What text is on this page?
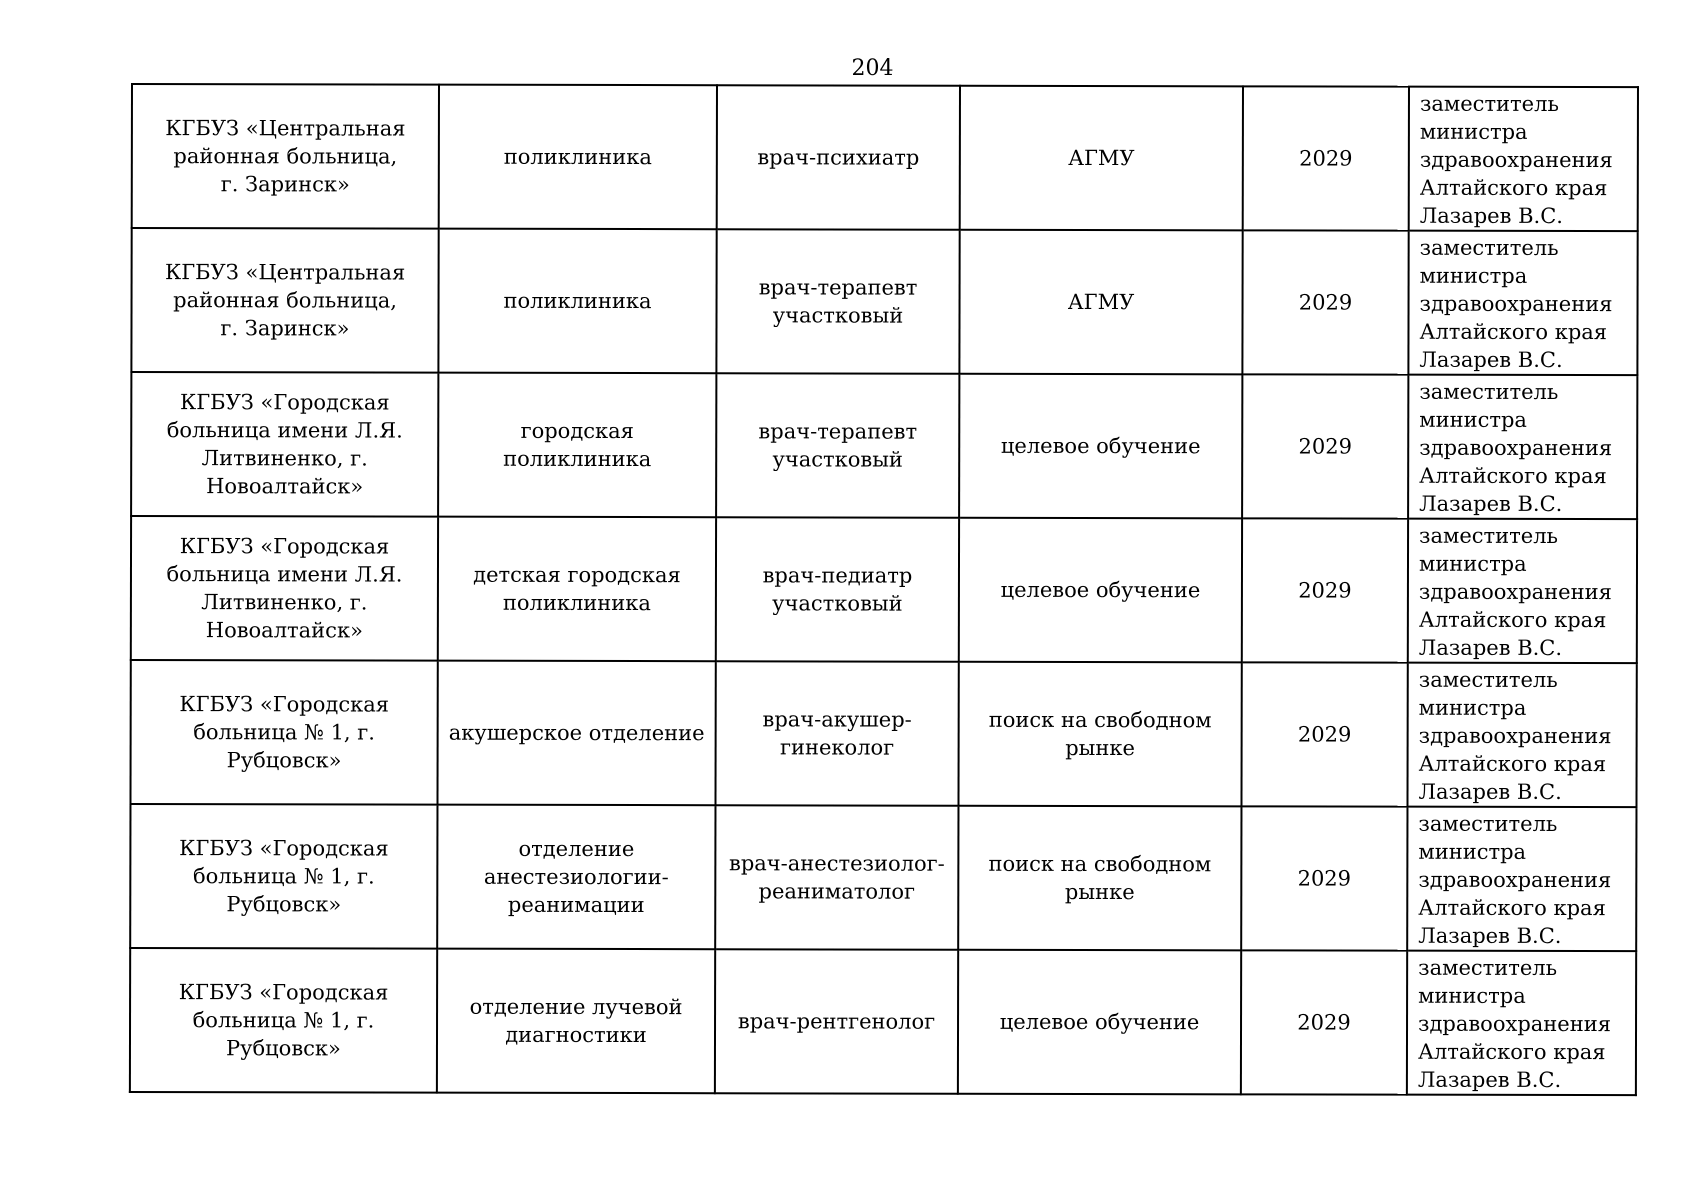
204
КГБУЗ «Центральная
районная больница,
г. Заринск»	поликлиника	врач-психиатр	АГМУ	2029	заместитель
министра
здравоохранения
Алтайского края
Лазарев В.С.
КГБУЗ «Центральная
районная больница,
г. Заринск»	поликлиника	врач-терапевт
участковый	АГМУ	2029	заместитель
министра
здравоохранения
Алтайского края
Лазарев В.С.
КГБУЗ «Городская
больница имени Л.Я.
Литвиненко, г.
Новоалтайск»	городская поликлиника	врач-терапевт
участковый	целевое обучение	2029	заместитель
министра
здравоохранения
Алтайского края
Лазарев В.С.
КГБУЗ «Городская
больница имени Л.Я.
Литвиненко, г.
Новоалтайск»	детская городская
поликлиника	врач-педиатр
участковый	целевое обучение	2029	заместитель
министра
здравоохранения
Алтайского края
Лазарев В.С.
КГБУЗ «Городская
больница № 1, г.
Рубцовск»	акушерское отделение	врач-акушер-
гинеколог	поиск на свободном
рынке	2029	заместитель
министра
здравоохранения
Алтайского края
Лазарев В.С.
КГБУЗ «Городская
больница № 1, г.
Рубцовск»	отделение
анестезиологии-
реанимации	врач-анестезиолог-
реаниматолог	поиск на свободном
рынке	2029	заместитель
министра
здравоохранения
Алтайского края
Лазарев В.С.
КГБУЗ «Городская
больница № 1, г.
Рубцовск»	отделение лучевой
диагностики	врач-рентгенолог	целевое обучение	2029	заместитель
министра
здравоохранения
Алтайского края
Лазарев В.С.
